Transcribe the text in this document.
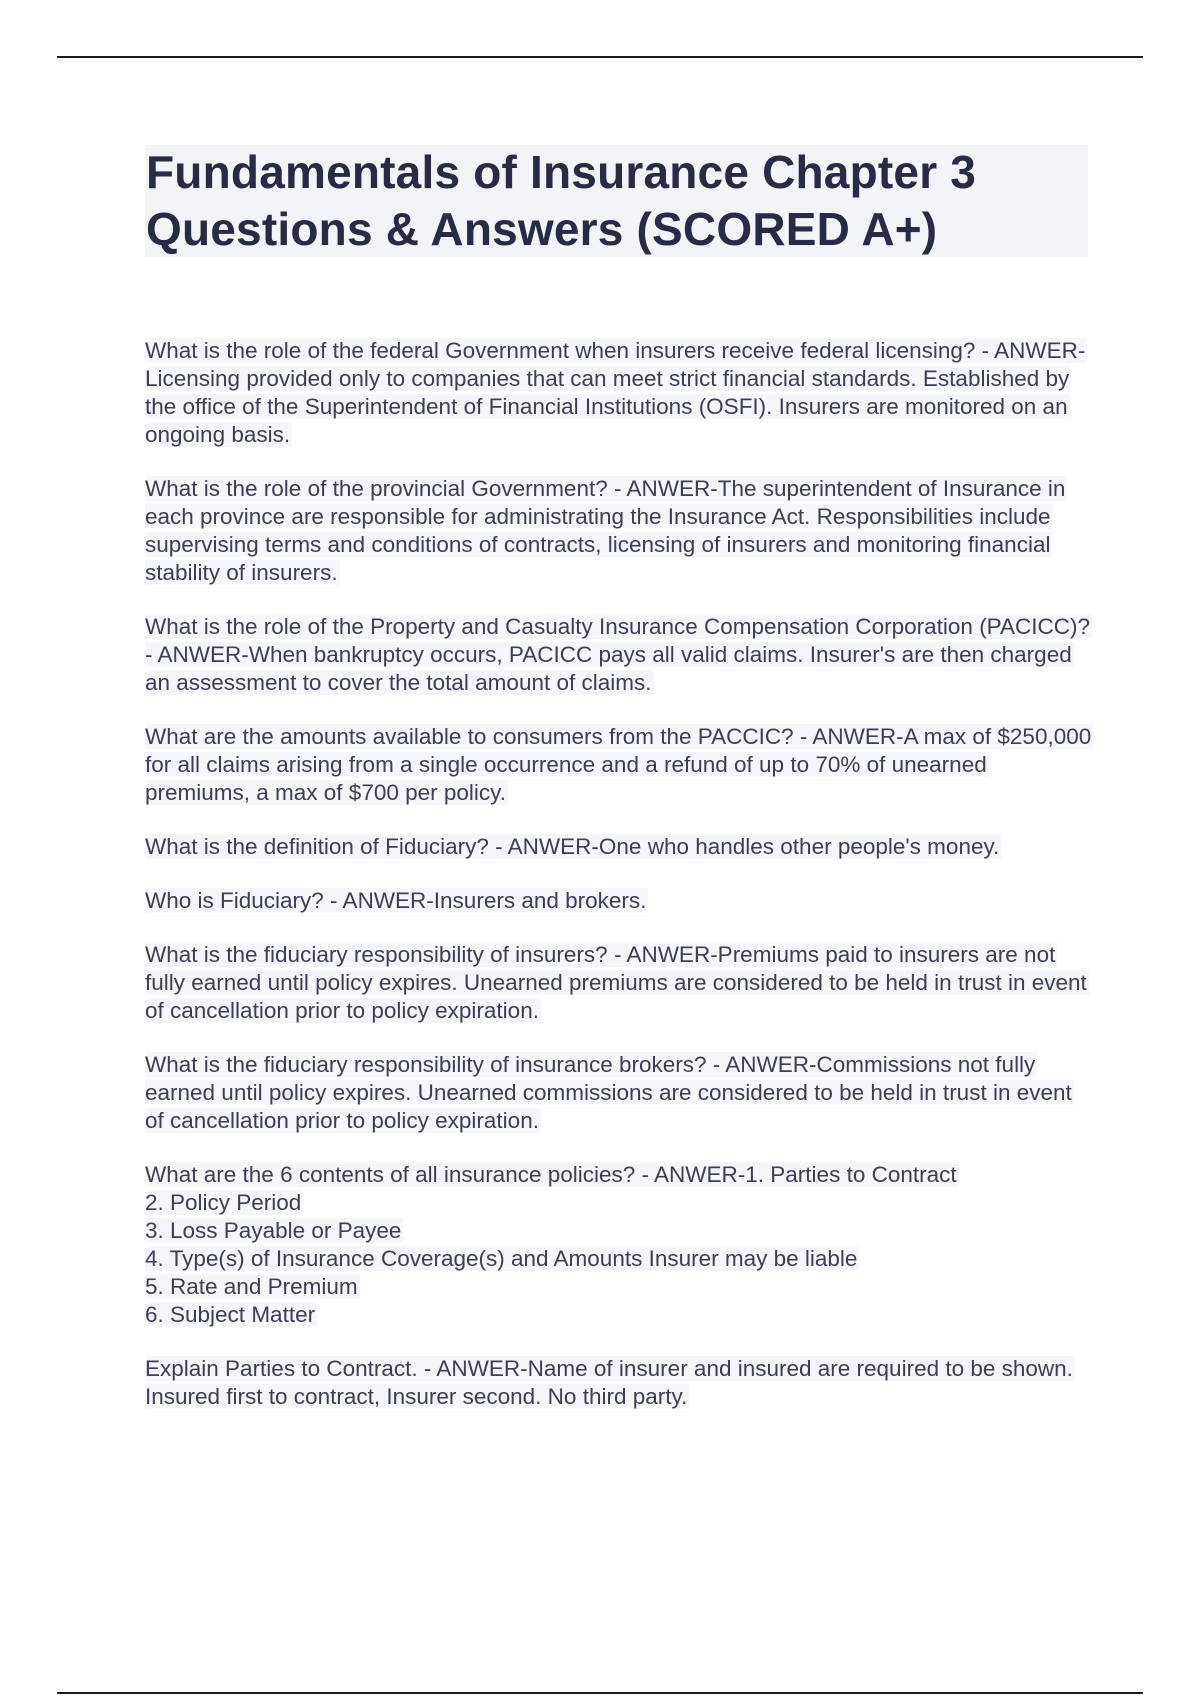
Fundamentals of Insurance Chapter 3
Questions & Answers (SCORED A+)

What is the role of the federal Government when insurers receive federal licensing? - ANWER-Licensing provided only to companies that can meet strict financial standards. Established by the office of the Superintendent of Financial Institutions (OSFI). Insurers are monitored on an ongoing basis.

What is the role of the provincial Government? - ANWER-The superintendent of Insurance in each province are responsible for administrating the Insurance Act. Responsibilities include supervising terms and conditions of contracts, licensing of insurers and monitoring financial stability of insurers.

What is the role of the Property and Casualty Insurance Compensation Corporation (PACICC)? - ANWER-When bankruptcy occurs, PACICC pays all valid claims. Insurer's are then charged an assessment to cover the total amount of claims.

What are the amounts available to consumers from the PACCIC? - ANWER-A max of $250,000 for all claims arising from a single occurrence and a refund of up to 70% of unearned premiums, a max of $700 per policy.

What is the definition of Fiduciary? - ANWER-One who handles other people's money.

Who is Fiduciary? - ANWER-Insurers and brokers.

What is the fiduciary responsibility of insurers? - ANWER-Premiums paid to insurers are not fully earned until policy expires. Unearned premiums are considered to be held in trust in event of cancellation prior to policy expiration.

What is the fiduciary responsibility of insurance brokers? - ANWER-Commissions not fully earned until policy expires. Unearned commissions are considered to be held in trust in event of cancellation prior to policy expiration.

What are the 6 contents of all insurance policies? - ANWER-1. Parties to Contract
2. Policy Period
3. Loss Payable or Payee
4. Type(s) of Insurance Coverage(s) and Amounts Insurer may be liable
5. Rate and Premium
6. Subject Matter

Explain Parties to Contract. - ANWER-Name of insurer and insured are required to be shown. Insured first to contract, Insurer second. No third party.
